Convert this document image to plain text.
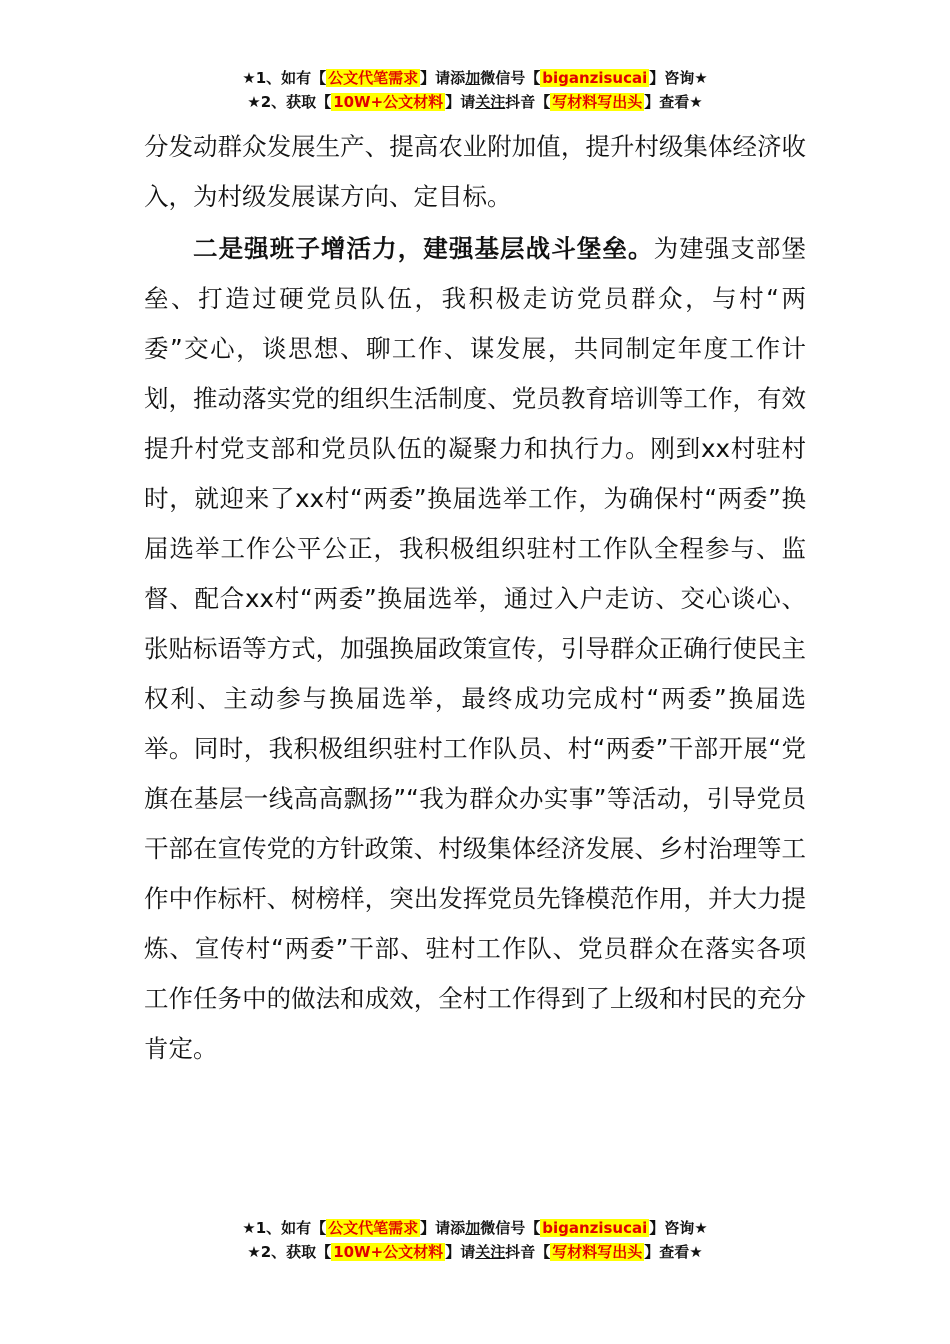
★1、如有【 公文代笔需求 】请添加微信号【 biganzisucai 】咨询★
★2、获取【 10W+公文材料 】请关注抖音【 写材料写出头 】查看★

分发动群众发展生产、提高农业附加值，提升村级集体经济收入，为村级发展谋方向、定目标。

二是强班子增活力，建强基层战斗堡垒。为建强支部堡垒、打造过硬党员队伍，我积极走访党员群众，与村“两委”交心，谈思想、聊工作、谋发展，共同制定年度工作计划，推动落实党的组织生活制度、党员教育培训等工作，有效提升村党支部和党员队伍的凝聚力和执行力。刚到xx村驻村时，就迎来了xx村“两委”换届选举工作，为确保村“两委”换届选举工作公平公正，我积极组织驻村工作队全程参与、监督、配合xx村“两委”换届选举，通过入户走访、交心谈心、张贴标语等方式，加强换届政策宣传，引导群众正确行使民主权利、主动参与换届选举，最终成功完成村“两委”换届选举。同时，我积极组织驻村工作队员、村“两委”干部开展“党旗在基层一线高高飘扬”“我为群众办实事”等活动，引导党员干部在宣传党的方针政策、村级集体经济发展、乡村治理等工作中作标杆、树榜样，突出发挥党员先锋模范作用，并大力提炼、宣传村“两委”干部、驻村工作队、党员群众在落实各项工作任务中的做法和成效，全村工作得到了上级和村民的充分肯定。

★1、如有【 公文代笔需求 】请添加微信号【 biganzisucai 】咨询★
★2、获取【 10W+公文材料 】请关注抖音【 写材料写出头 】查看★
